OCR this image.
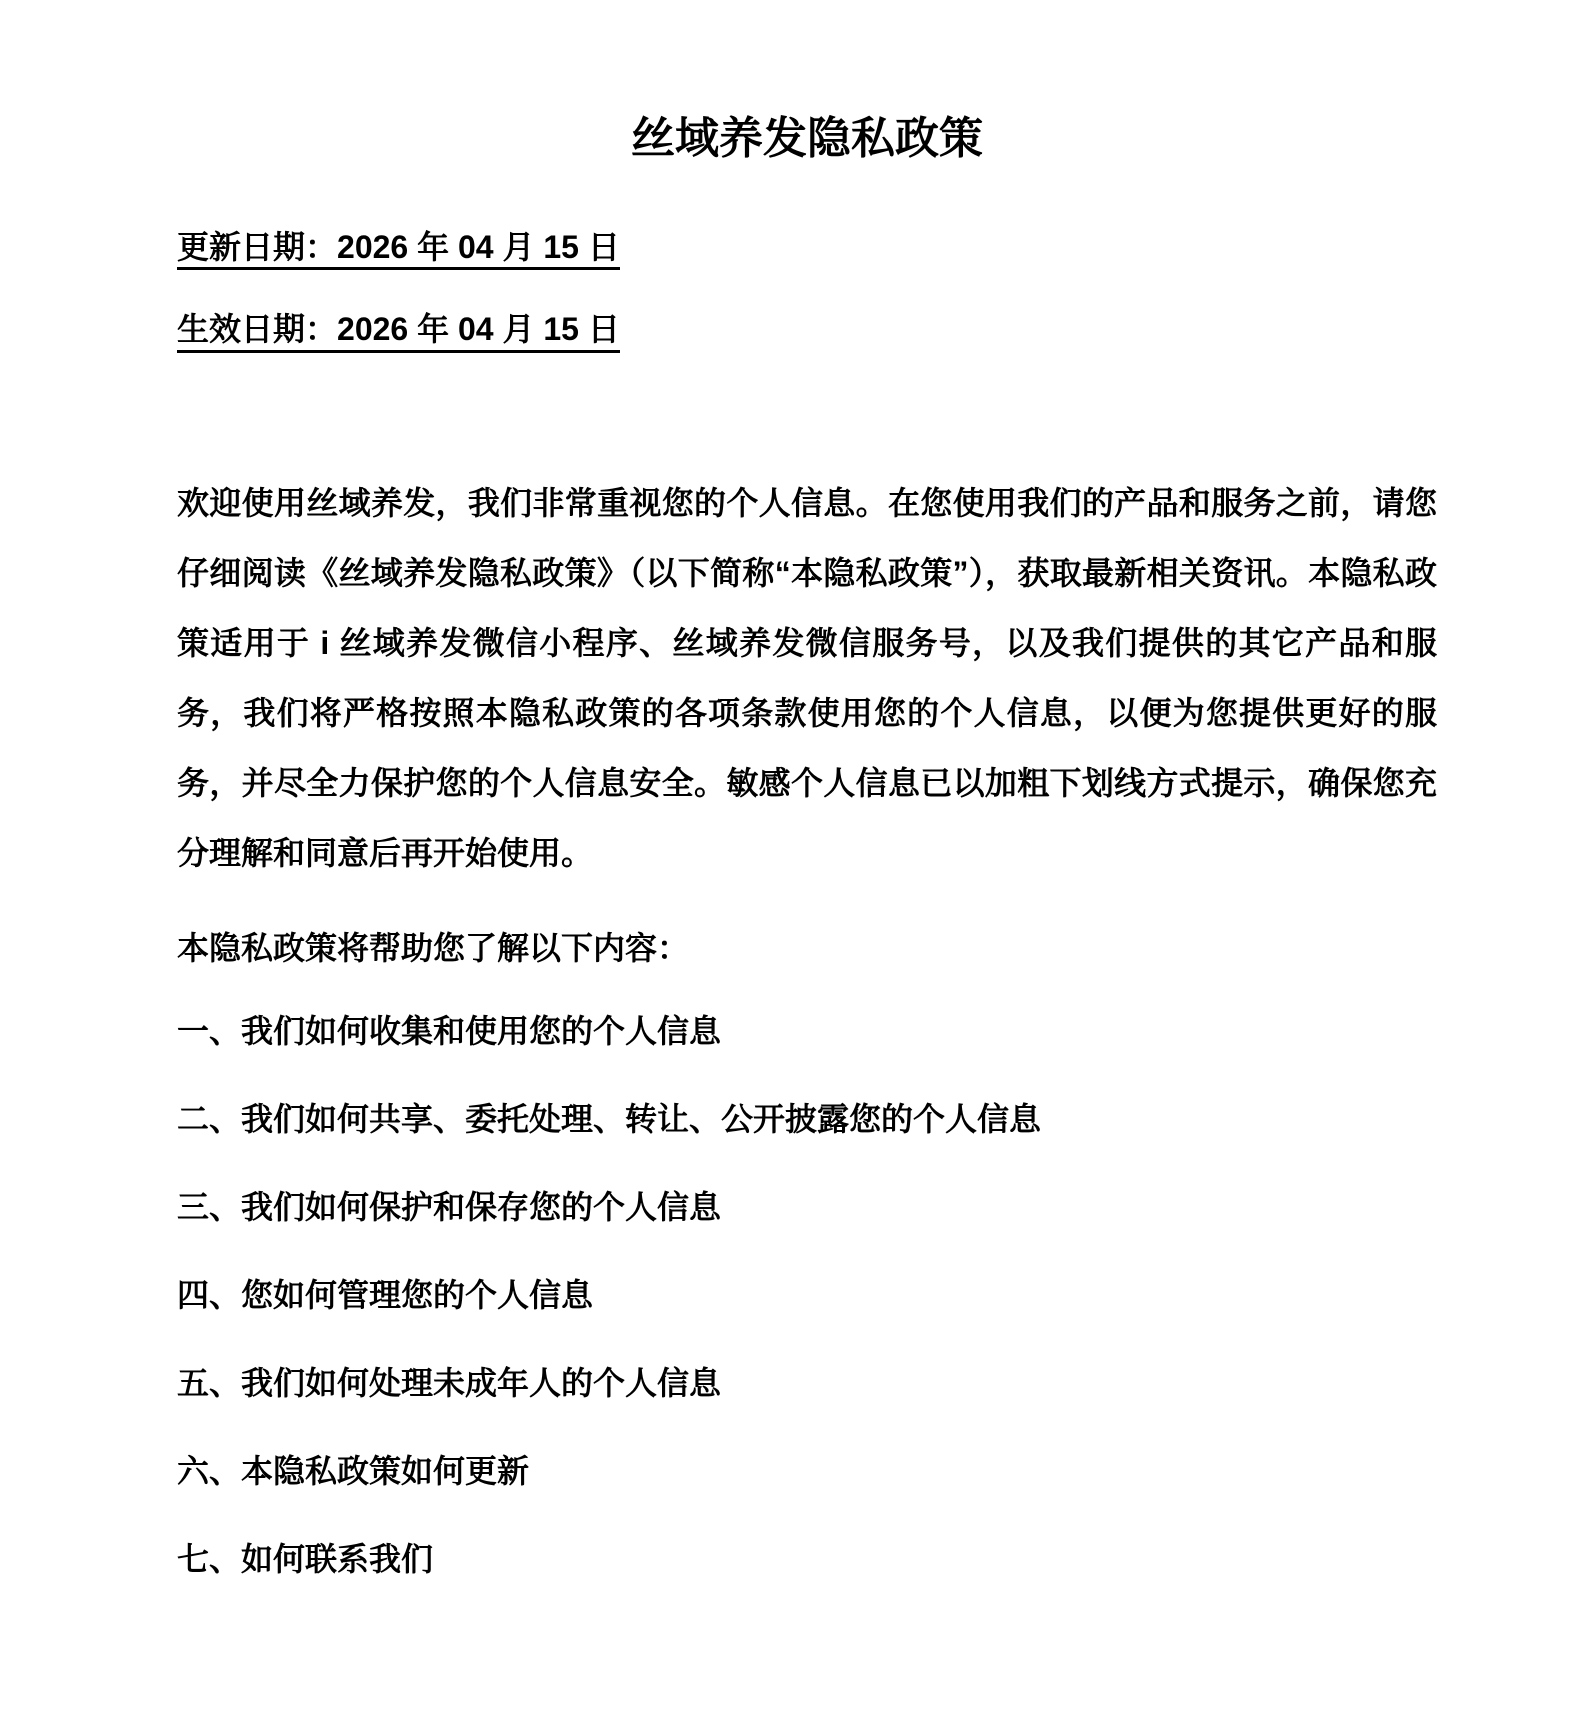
丝域养发隐私政策
更新日期：2026 年 04 月 15 日
生效日期：2026 年 04 月 15 日

欢迎使用丝域养发，我们非常重视您的个人信息。在您使用我们的产品和服务之前，请您仔细阅读《丝域养发隐私政策》（以下简称“本隐私政策”），获取最新相关资讯。本隐私政策适用于 i 丝域养发微信小程序、丝域养发微信服务号，以及我们提供的其它产品和服务，我们将严格按照本隐私政策的各项条款使用您的个人信息，以便为您提供更好的服务，并尽全力保护您的个人信息安全。敏感个人信息已以加粗下划线方式提示，确保您充分理解和同意后再开始使用。

本隐私政策将帮助您了解以下内容：
一、我们如何收集和使用您的个人信息
二、我们如何共享、委托处理、转让、公开披露您的个人信息
三、我们如何保护和保存您的个人信息
四、您如何管理您的个人信息
五、我们如何处理未成年人的个人信息
六、本隐私政策如何更新
七、如何联系我们
